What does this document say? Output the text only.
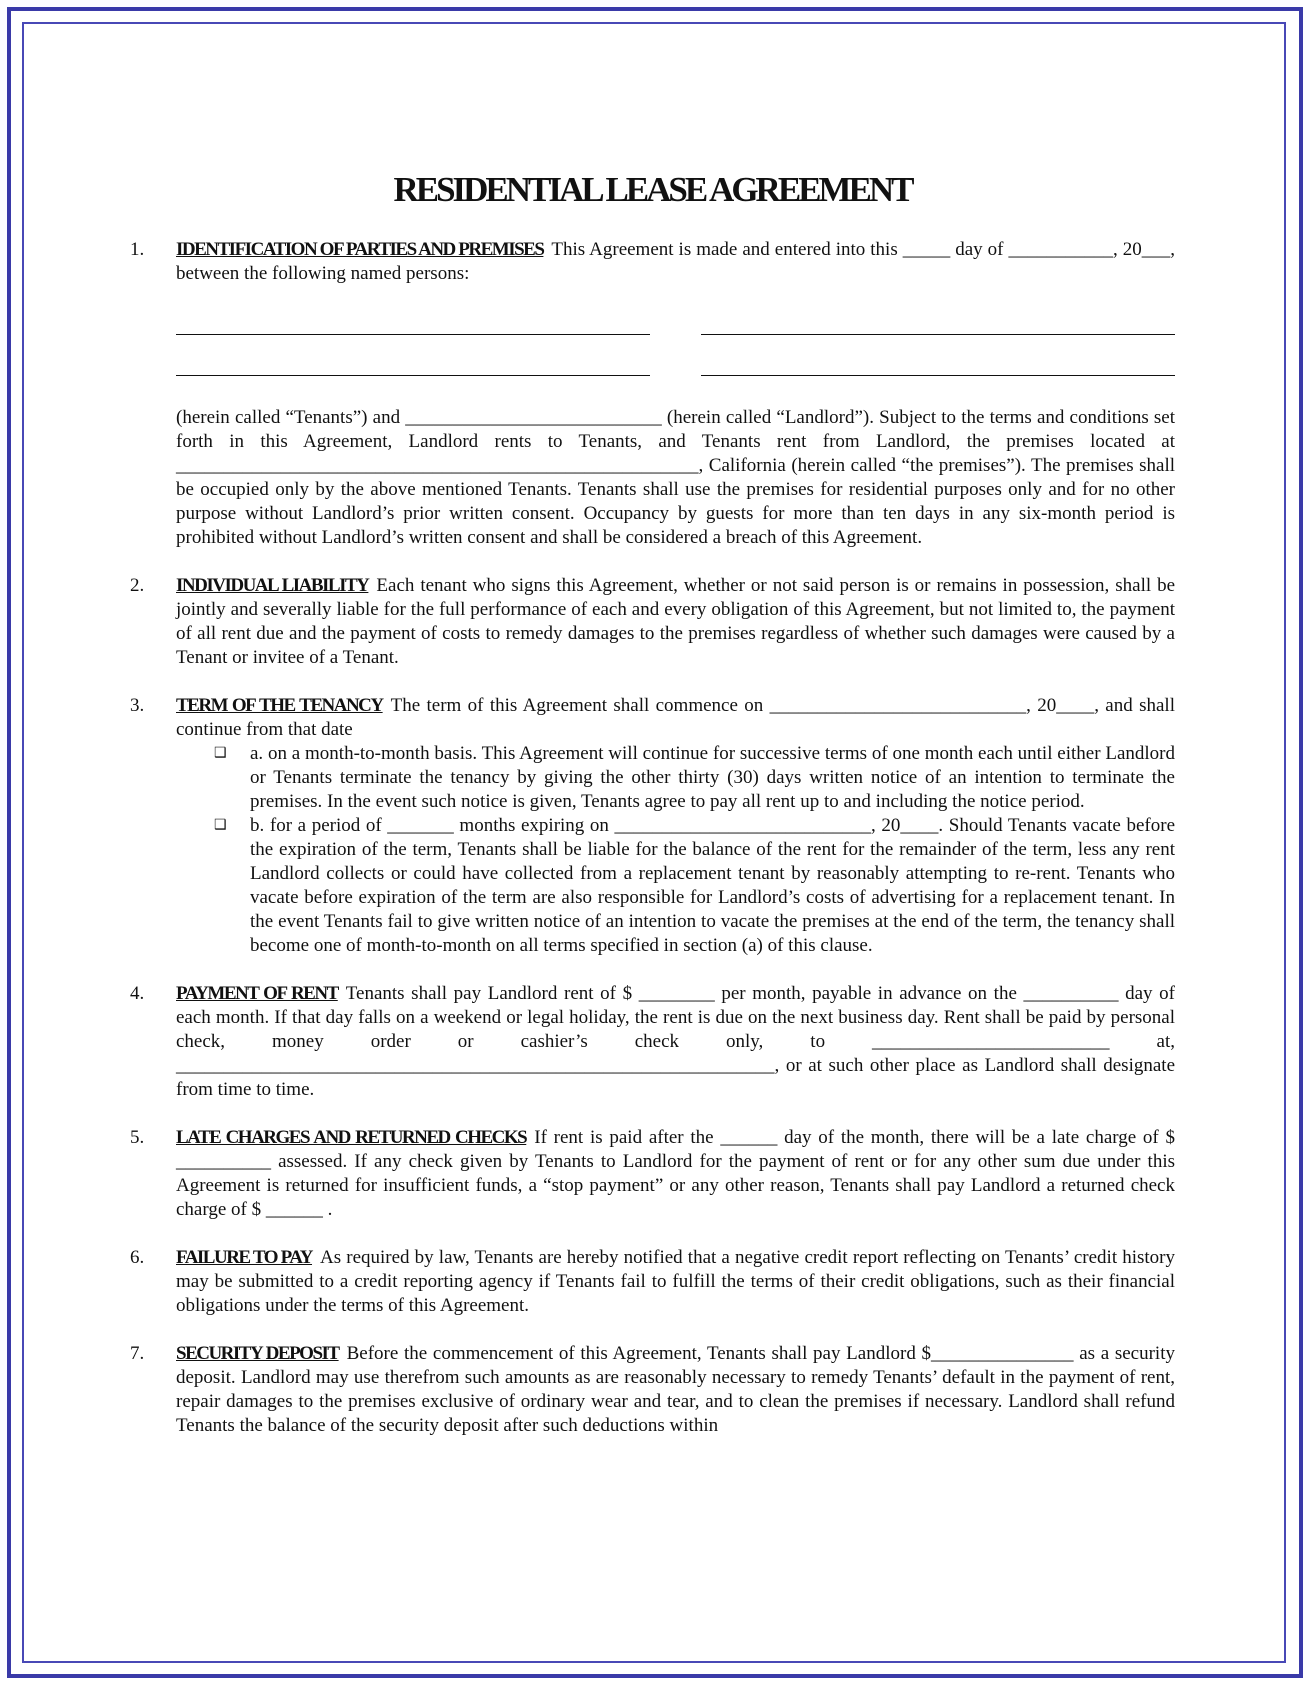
RESIDENTIAL LEASE AGREEMENT
1.	IDENTIFICATION OF PARTIES AND PREMISES This Agreement is made and entered into this _____ day of ___________, 20___, between the following named persons:

(herein called “Tenants”) and ___________________________ (herein called “Landlord”). Subject to the terms and conditions set forth in this Agreement, Landlord rents to Tenants, and Tenants rent from Landlord, the premises located at _______________________________________________________, California (herein called “the premises”). The premises shall be occupied only by the above mentioned Tenants. Tenants shall use the premises for residential purposes only and for no other purpose without Landlord’s prior written consent. Occupancy by guests for more than ten days in any six-month period is prohibited without Landlord’s written consent and shall be considered a breach of this Agreement.

2.	INDIVIDUAL LIABILITY Each tenant who signs this Agreement, whether or not said person is or remains in possession, shall be jointly and severally liable for the full performance of each and every obligation of this Agreement, but not limited to, the payment of all rent due and the payment of costs to remedy damages to the premises regardless of whether such damages were caused by a Tenant or invitee of a Tenant.

3.	TERM OF THE TENANCY The term of this Agreement shall commence on ___________________________, 20____, and shall continue from that date

❑	a. on a month-to-month basis. This Agreement will continue for successive terms of one month each until either Landlord or Tenants terminate the tenancy by giving the other thirty (30) days written notice of an intention to terminate the premises. In the event such notice is given, Tenants agree to pay all rent up to and including the notice period.
❑	b. for a period of _______ months expiring on ___________________________, 20____. Should Tenants vacate before the expiration of the term, Tenants shall be liable for the balance of the rent for the remainder of the term, less any rent Landlord collects or could have collected from a replacement tenant by reasonably attempting to re-rent. Tenants who vacate before expiration of the term are also responsible for Landlord’s costs of advertising for a replacement tenant. In the event Tenants fail to give written notice of an intention to vacate the premises at the end of the term, the tenancy shall become one of month-to-month on all terms specified in section (a) of this clause.
4.	PAYMENT OF RENT Tenants shall pay Landlord rent of $ ________ per month, payable in advance on the __________ day of each month. If that day falls on a weekend or legal holiday, the rent is due on the next business day. Rent shall be paid by personal check, money order or cashier’s check only, to _________________________ at, _______________________________________________________________, or at such other place as Landlord shall designate from time to time.

5.	LATE CHARGES AND RETURNED CHECKS If rent is paid after the ______ day of the month, there will be a late charge of $ __________ assessed. If any check given by Tenants to Landlord for the payment of rent or for any other sum due under this Agreement is returned for insufficient funds, a “stop payment” or any other reason, Tenants shall pay Landlord a returned check charge of $ ______ .

6.	FAILURE TO PAY As required by law, Tenants are hereby notified that a negative credit report reflecting on Tenants’ credit history may be submitted to a credit reporting agency if Tenants fail to fulfill the terms of their credit obligations, such as their financial obligations under the terms of this Agreement.

7.	SECURITY DEPOSIT Before the commencement of this Agreement, Tenants shall pay Landlord $_______________ as a security deposit. Landlord may use therefrom such amounts as are reasonably necessary to remedy Tenants’ default in the payment of rent, repair damages to the premises exclusive of ordinary wear and tear, and to clean the premises if necessary. Landlord shall refund Tenants the balance of the security deposit after such deductions within
